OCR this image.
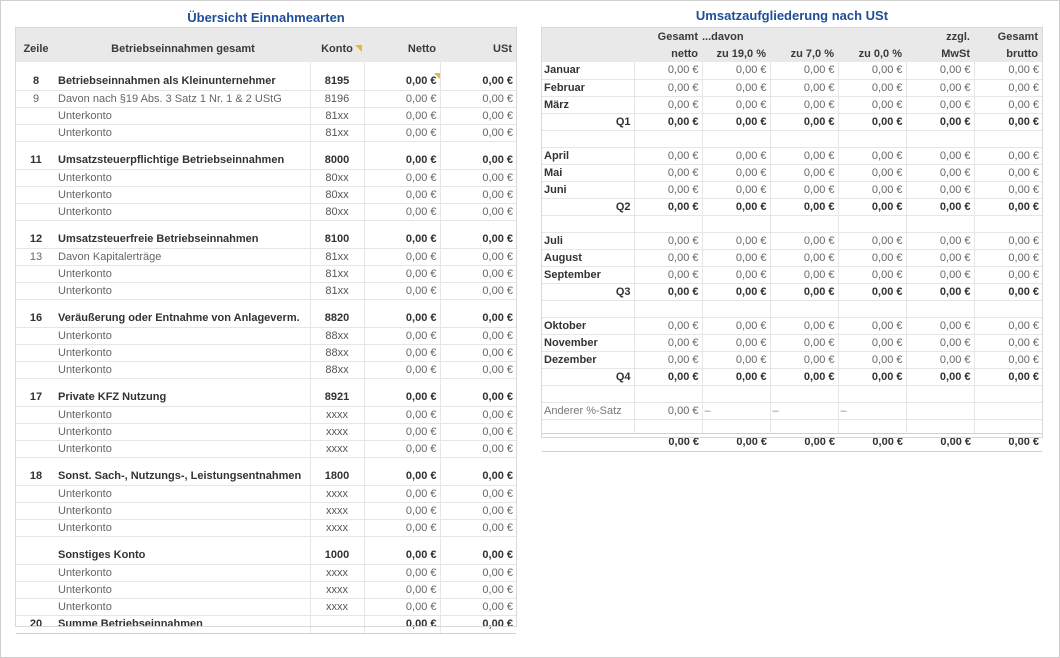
Übersicht Einnahmearten	Umsatzaufgliederung nach USt
Zeile	Betriebseinnahmen gesamt	Konto	Netto	USt

8	Betriebseinnahmen als Kleinunternehmer	8195	0,00 €	0,00 €
9	Davon nach §19 Abs. 3 Satz 1 Nr. 1 & 2 UStG	8196	0,00 €	0,00 €
	Unterkonto	81xx	0,00 €	0,00 €
	Unterkonto	81xx	0,00 €	0,00 €

11	Umsatzsteuerpflichtige Betriebseinnahmen	8000	0,00 €	0,00 €
	Unterkonto	80xx	0,00 €	0,00 €
	Unterkonto	80xx	0,00 €	0,00 €
	Unterkonto	80xx	0,00 €	0,00 €

12	Umsatzsteuerfreie Betriebseinnahmen	8100	0,00 €	0,00 €
13	Davon Kapitalerträge	81xx	0,00 €	0,00 €
	Unterkonto	81xx	0,00 €	0,00 €
	Unterkonto	81xx	0,00 €	0,00 €

16	Veräußerung oder Entnahme von Anlageverm.	8820	0,00 €	0,00 €
	Unterkonto	88xx	0,00 €	0,00 €
	Unterkonto	88xx	0,00 €	0,00 €
	Unterkonto	88xx	0,00 €	0,00 €

17	Private KFZ Nutzung	8921	0,00 €	0,00 €
	Unterkonto	xxxx	0,00 €	0,00 €
	Unterkonto	xxxx	0,00 €	0,00 €
	Unterkonto	xxxx	0,00 €	0,00 €

18	Sonst. Sach-, Nutzungs-, Leistungsentnahmen	1800	0,00 €	0,00 €
	Unterkonto	xxxx	0,00 €	0,00 €
	Unterkonto	xxxx	0,00 €	0,00 €
	Unterkonto	xxxx	0,00 €	0,00 €

	Sonstiges Konto	1000	0,00 €	0,00 €
	Unterkonto	xxxx	0,00 €	0,00 €
	Unterkonto	xxxx	0,00 €	0,00 €
	Unterkonto	xxxx	0,00 €	0,00 €
20	Summe Betriebseinnahmen		0,00 €	0,00 €
	Gesamt	...davon			zzgl.	Gesamt
	netto	zu 19,0 %	zu 7,0 %	zu 0,0 %	MwSt	brutto
Januar	0,00 €	0,00 €	0,00 €	0,00 €	0,00 €	0,00 €
Februar	0,00 €	0,00 €	0,00 €	0,00 €	0,00 €	0,00 €
März	0,00 €	0,00 €	0,00 €	0,00 €	0,00 €	0,00 €
Q1	0,00 €	0,00 €	0,00 €	0,00 €	0,00 €	0,00 €

April	0,00 €	0,00 €	0,00 €	0,00 €	0,00 €	0,00 €
Mai	0,00 €	0,00 €	0,00 €	0,00 €	0,00 €	0,00 €
Juni	0,00 €	0,00 €	0,00 €	0,00 €	0,00 €	0,00 €
Q2	0,00 €	0,00 €	0,00 €	0,00 €	0,00 €	0,00 €

Juli	0,00 €	0,00 €	0,00 €	0,00 €	0,00 €	0,00 €
August	0,00 €	0,00 €	0,00 €	0,00 €	0,00 €	0,00 €
September	0,00 €	0,00 €	0,00 €	0,00 €	0,00 €	0,00 €
Q3	0,00 €	0,00 €	0,00 €	0,00 €	0,00 €	0,00 €

Oktober	0,00 €	0,00 €	0,00 €	0,00 €	0,00 €	0,00 €
November	0,00 €	0,00 €	0,00 €	0,00 €	0,00 €	0,00 €
Dezember	0,00 €	0,00 €	0,00 €	0,00 €	0,00 €	0,00 €
Q4	0,00 €	0,00 €	0,00 €	0,00 €	0,00 €	0,00 €

Anderer %-Satz	0,00 €	–	–	–		

	0,00 €	0,00 €	0,00 €	0,00 €	0,00 €	0,00 €
